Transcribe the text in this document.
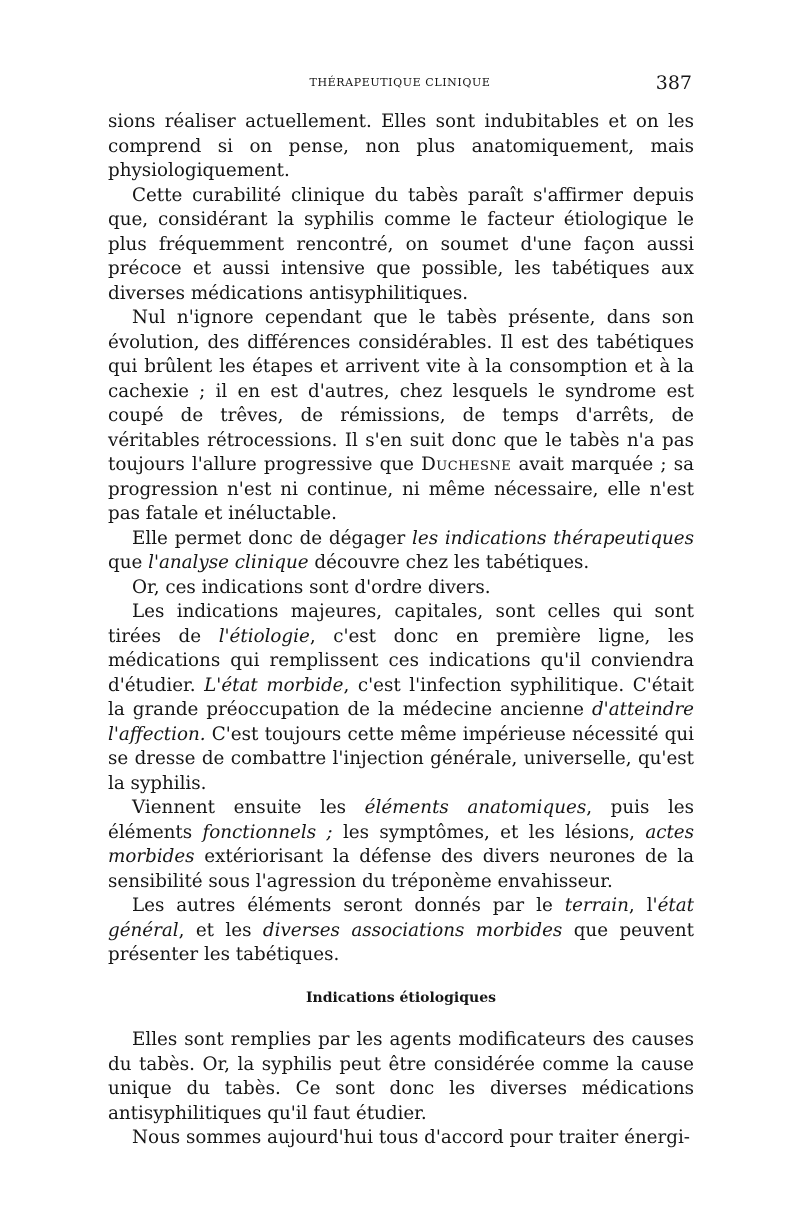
THÉRAPEUTIQUE CLINIQUE	387

sions réaliser actuellement. Elles sont indubitables et on les comprend si on pense, non plus anatomiquement, mais physiologiquement.

Cette curabilité clinique du tabès paraît s'affirmer depuis que, considérant la syphilis comme le facteur étiologique le plus fréquemment rencontré, on soumet d'une façon aussi précoce et aussi intensive que possible, les tabétiques aux diverses médications antisyphilitiques.

Nul n'ignore cependant que le tabès présente, dans son évolution, des différences considérables. Il est des tabétiques qui brûlent les étapes et arrivent vite à la consomption et à la cachexie ; il en est d'autres, chez lesquels le syndrome est coupé de trêves, de rémissions, de temps d'arrêts, de véritables rétrocessions. Il s'en suit donc que le tabès n'a pas toujours l'allure progressive que Duchesne avait marquée ; sa progression n'est ni continue, ni même nécessaire, elle n'est pas fatale et inéluctable.

Elle permet donc de dégager les indications thérapeutiques que l'analyse clinique découvre chez les tabétiques.

Or, ces indications sont d'ordre divers.

Les indications majeures, capitales, sont celles qui sont tirées de l'étiologie, c'est donc en première ligne, les médications qui remplissent ces indications qu'il conviendra d'étudier. L'état morbide, c'est l'infection syphilitique. C'était la grande préoccupation de la médecine ancienne d'atteindre l'affection. C'est toujours cette même impérieuse nécessité qui se dresse de combattre l'injection générale, universelle, qu'est la syphilis.

Viennent ensuite les éléments anatomiques, puis les éléments fonctionnels ; les symptômes, et les lésions, actes morbides extériorisant la défense des divers neurones de la sensibilité sous l'agression du tréponème envahisseur.

Les autres éléments seront donnés par le terrain, l'état général, et les diverses associations morbides que peuvent présenter les tabétiques.

Indications étiologiques

Elles sont remplies par les agents modificateurs des causes du tabès. Or, la syphilis peut être considérée comme la cause unique du tabès. Ce sont donc les diverses médications antisyphilitiques qu'il faut étudier.

Nous sommes aujourd'hui tous d'accord pour traiter énergi-
